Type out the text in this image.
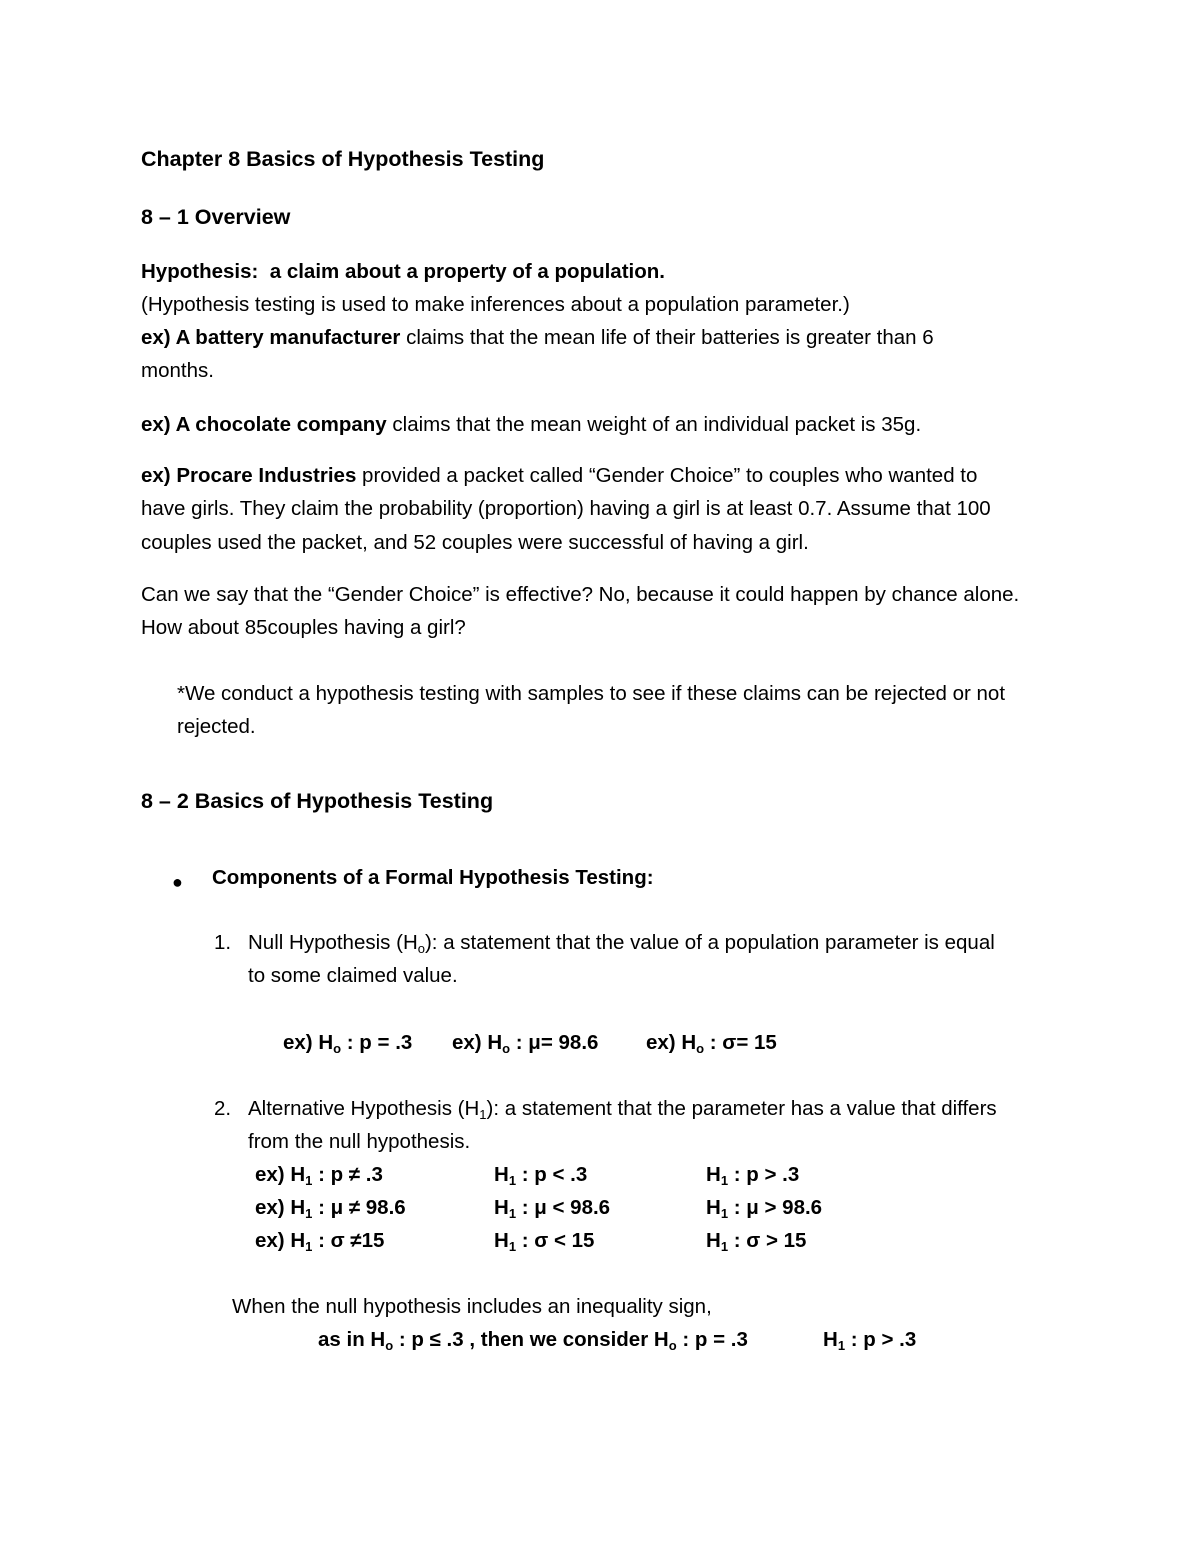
Chapter 8 Basics of Hypothesis Testing
8 – 1 Overview
Hypothesis: a claim about a property of a population.
(Hypothesis testing is used to make inferences about a population parameter.)
ex) A battery manufacturer claims that the mean life of their batteries is greater than 6
months.
ex) A chocolate company claims that the mean weight of an individual packet is 35g.
ex) Procare Industries provided a packet called “Gender Choice” to couples who wanted to
have girls. They claim the probability (proportion) having a girl is at least 0.7. Assume that 100
couples used the packet, and 52 couples were successful of having a girl.
Can we say that the “Gender Choice” is effective? No, because it could happen by chance alone.
How about 85couples having a girl?
*We conduct a hypothesis testing with samples to see if these claims can be rejected or not
rejected.
8 – 2 Basics of Hypothesis Testing
● Components of a Formal Hypothesis Testing:
1. Null Hypothesis $(H_o)$: a statement that the value of a population parameter is equal
to some claimed value.
ex) $H_o$ : p = .3 ex) $H_o$ : μ= 98.6 ex) $H_o$ : σ= 15
2. Alternative Hypothesis $(H_1)$: a statement that the parameter has a value that differs
from the null hypothesis.
ex) $H_1$ : p ≠ .3	$H_1$ : p < .3	$H_1$ : p > .3
ex) $H_1$ : μ ≠ 98.6	$H_1$ : μ < 98.6	$H_1$ : μ > 98.6
ex) $H_1$ : σ ≠15	$H_1$ : σ < 15	$H_1$ : σ > 15
When the null hypothesis includes an inequality sign,
as in $H_o$ : p ≤ .3 , then we consider $H_o$ : p = .3	$H_1$ : p > .3
